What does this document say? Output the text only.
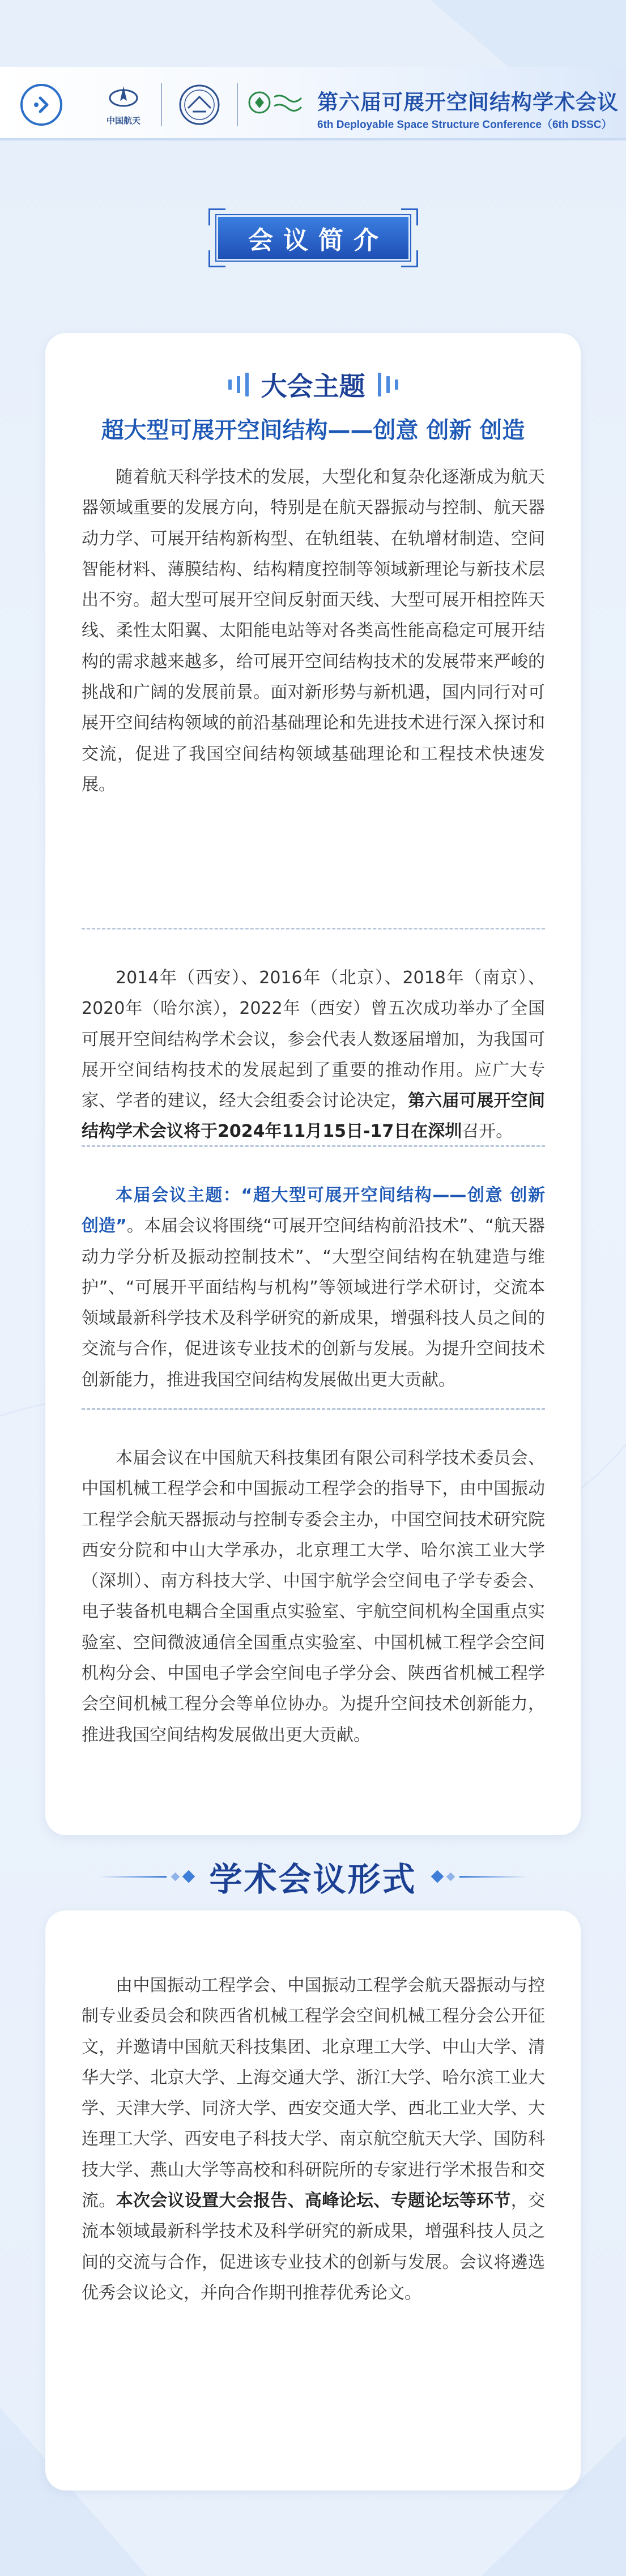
中国航天
第六届可展开空间结构学术会议
6th Deployable Space Structure Conference（6th DSSC）
会议简介
大会主题
超大型可展开空间结构——创意 创新 创造

随着航天科学技术的发展，大型化和复杂化逐渐成为航天器领域重要的发展方向，特别是在航天器振动与控制、航天器动力学、可展开结构新构型、在轨组装、在轨增材制造、空间智能材料、薄膜结构、结构精度控制等领域新理论与新技术层出不穷。超大型可展开空间反射面天线、大型可展开相控阵天线、柔性太阳翼、太阳能电站等对各类高性能高稳定可展开结构的需求越来越多，给可展开空间结构技术的发展带来严峻的挑战和广阔的发展前景。面对新形势与新机遇，国内同行对可展开空间结构领域的前沿基础理论和先进技术进行深入探讨和交流，促进了我国空间结构领域基础理论和工程技术快速发展。

2014年（西安）、2016年（北京）、2018年（南京）、2020年（哈尔滨），2022年（西安）曾五次成功举办了全国可展开空间结构学术会议，参会代表人数逐届增加，为我国可展开空间结构技术的发展起到了重要的推动作用。应广大专家、学者的建议，经大会组委会讨论决定，第六届可展开空间结构学术会议将于2024年11月15日-17日在深圳召开。

本届会议主题：“超大型可展开空间结构——创意 创新 创造”。本届会议将围绕“可展开空间结构前沿技术”、“航天器动力学分析及振动控制技术”、“大型空间结构在轨建造与维护”、“可展开平面结构与机构”等领域进行学术研讨，交流本领域最新科学技术及科学研究的新成果，增强科技人员之间的交流与合作，促进该专业技术的创新与发展。为提升空间技术创新能力，推进我国空间结构发展做出更大贡献。

本届会议在中国航天科技集团有限公司科学技术委员会、中国机械工程学会和中国振动工程学会的指导下，由中国振动工程学会航天器振动与控制专委会主办，中国空间技术研究院西安分院和中山大学承办，北京理工大学、哈尔滨工业大学（深圳）、南方科技大学、中国宇航学会空间电子学专委会、电子装备机电耦合全国重点实验室、宇航空间机构全国重点实验室、空间微波通信全国重点实验室、中国机械工程学会空间机构分会、中国电子学会空间电子学分会、陕西省机械工程学会空间机械工程分会等单位协办。为提升空间技术创新能力，推进我国空间结构发展做出更大贡献。

学术会议形式

由中国振动工程学会、中国振动工程学会航天器振动与控制专业委员会和陕西省机械工程学会空间机械工程分会公开征文，并邀请中国航天科技集团、北京理工大学、中山大学、清华大学、北京大学、上海交通大学、浙江大学、哈尔滨工业大学、天津大学、同济大学、西安交通大学、西北工业大学、大连理工大学、西安电子科技大学、南京航空航天大学、国防科技大学、燕山大学等高校和科研院所的专家进行学术报告和交流。本次会议设置大会报告、高峰论坛、专题论坛等环节，交流本领域最新科学技术及科学研究的新成果，增强科技人员之间的交流与合作，促进该专业技术的创新与发展。会议将遴选优秀会议论文，并向合作期刊推荐优秀论文。
